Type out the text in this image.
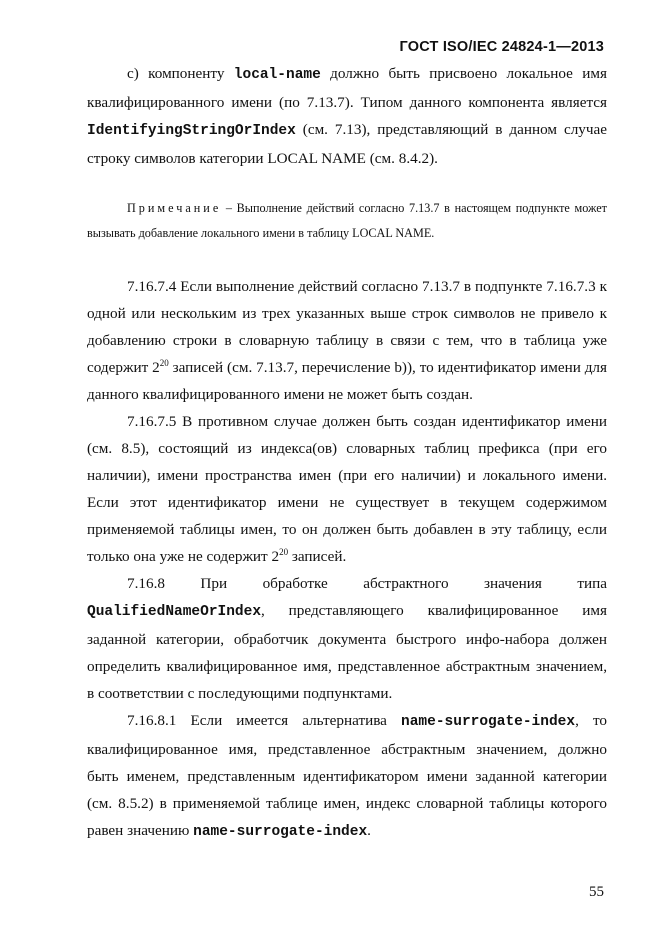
ГОСТ ISO/IEC 24824-1—2013

c) компоненту local-name должно быть присвоено локальное имя квалифицированного имени (по 7.13.7). Типом данного компонента является IdentifyingStringOrIndex (см. 7.13), представляющий в данном случае строку символов категории LOCAL NAME (см. 8.4.2).

Примечание – Выполнение действий согласно 7.13.7 в настоящем подпункте может вызывать добавление локального имени в таблицу LOCAL NAME.

7.16.7.4 Если выполнение действий согласно 7.13.7 в подпункте 7.16.7.3 к одной или нескольким из трех указанных выше строк символов не привело к добавлению строки в словарную таблицу в связи с тем, что в таблица уже содержит $2^{20}$ записей (см. 7.13.7, перечисление b)), то идентификатор имени для данного квалифицированного имени не может быть создан.

7.16.7.5 В противном случае должен быть создан идентификатор имени (см. 8.5), состоящий из индекса(ов) словарных таблиц префикса (при его наличии), имени пространства имен (при его наличии) и локального имени. Если этот идентификатор имени не существует в текущем содержимом применяемой таблицы имен, то он должен быть добавлен в эту таблицу, если только она уже не содержит $2^{20}$ записей.

7.16.8 При обработке абстрактного значения типа QualifiedNameOrIndex, представляющего квалифицированное имя заданной категории, обработчик документа быстрого инфо-набора должен определить квалифицированное имя, представленное абстрактным значением, в соответствии с последующими подпунктами.

7.16.8.1 Если имеется альтернатива name-surrogate-index, то квалифицированное имя, представленное абстрактным значением, должно быть именем, представленным идентификатором имени заданной категории (см. 8.5.2) в применяемой таблице имен, индекс словарной таблицы которого равен значению name-surrogate-index.

55
